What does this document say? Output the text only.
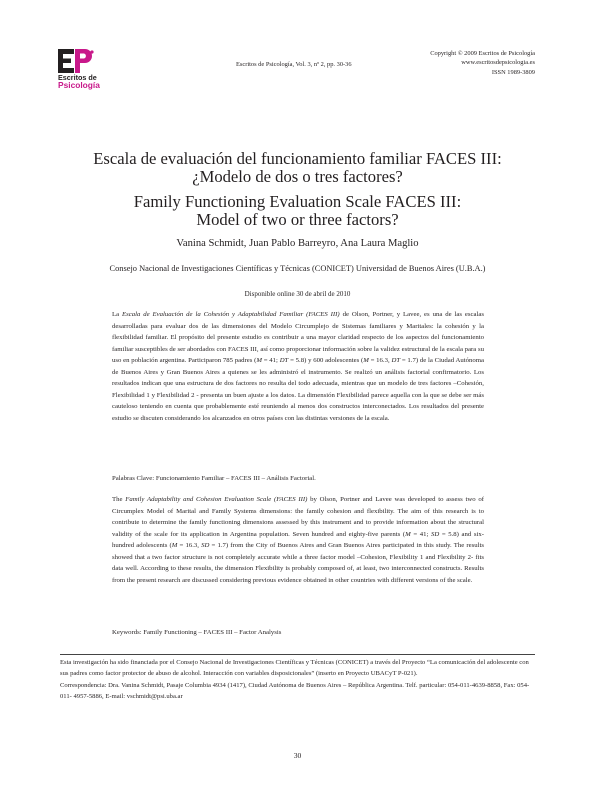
Escritos de
Psicología
Escritos de Psicología, Vol. 3, nº 2, pp. 30-36
Copyright © 2009 Escritos de Psicología
www.escritosdepsicologia.es
ISSN 1989-3809
Escala de evaluación del funcionamiento familiar FACES III:
¿Modelo de dos o tres factores?
Family Functioning Evaluation Scale FACES III:
Model of two or three factors?
Vanina Schmidt, Juan Pablo Barreyro, Ana Laura Maglio
Consejo Nacional de Investigaciones Científicas y Técnicas (CONICET) Universidad de Buenos Aires (U.B.A.)
Disponible online 30 de abril de 2010

La Escala de Evaluación de la Cohesión y Adaptabilidad Familiar (FACES III) de Olson, Portner, y Lavee, es una de las escalas desarrolladas para evaluar dos de las dimensiones del Modelo Circumplejo de Sistemas familiares y Maritales: la cohesión y la flexibilidad familiar. El propósito del presente estudio es contribuir a una mayor claridad respecto de los aspectos del funcionamiento familiar susceptibles de ser abordados con FACES III, así como proporcionar información sobre la validez estructural de la escala para su uso en población argentina. Participaron 785 padres (M = 41; DT = 5.8) y 600 adolescentes (M = 16.3, DT = 1.7) de la Ciudad Autónoma de Buenos Aires y Gran Buenos Aires a quienes se les administró el instrumento. Se realizó un análisis factorial confirmatorio. Los resultados indican que una estructura de dos factores no resulta del todo adecuada, mientras que un modelo de tres factores –Cohesión, Flexibilidad 1 y Flexibilidad 2 - presenta un buen ajuste a los datos. La dimensión Flexibilidad parece aquella con la que se debe ser más cauteloso teniendo en cuenta que probablemente esté reuniendo al menos dos constructos interconectados. Los resultados del presente estudio se discuten considerando los alcanzados en otros países con las distintas versiones de la escala.

Palabras Clave: Funcionamiento Familiar – FACES III – Análisis Factorial.

The Family Adaptability and Cohesion Evaluation Scale (FACES III) by Olson, Portner and Lavee was developed to assess two of Circumplex Model of Marital and Family Systems dimensions: the family cohesion and flexibility. The aim of this research is to contribute to determine the family functioning dimensions assessed by this instrument and to provide information about the structural validity of the scale for its application in Argentina population. Seven hundred and eighty-five parents (M = 41; SD = 5.8) and six-hundred adolescents (M = 16.3, SD = 1.7) from the City of Buenos Aires and Gran Buenos Aires participated in this study. The results showed that a two factor structure is not completely accurate while a three factor model –Cohesion, Flexibility 1 and Flexibility 2- fits data well. According to these results, the dimension Flexibility is probably composed of, at least, two interconnected constructs. Results from the present research are discussed considering previous evidence obtained in other countries with different versions of the scale.

Keywords: Family Functioning – FACES III – Factor Analysis

Esta investigación ha sido financiada por el Consejo Nacional de Investigaciones Científicas y Técnicas (CONICET) a través del Proyecto “La comunicación del adolescente con sus padres como factor protector de abuso de alcohol. Interacción con variables disposicionales” (inserto en Proyecto UBACyT P-021).

Correspondencia: Dra. Vanina Schmidt, Pasaje Columbia 4934 (1417), Ciudad Autónoma de Buenos Aires – República Argentina. Telf. particular: 054-011-4639-8858, Fax: 054-011- 4957-5886, E-mail: vschmidt@psi.uba.ar

30
